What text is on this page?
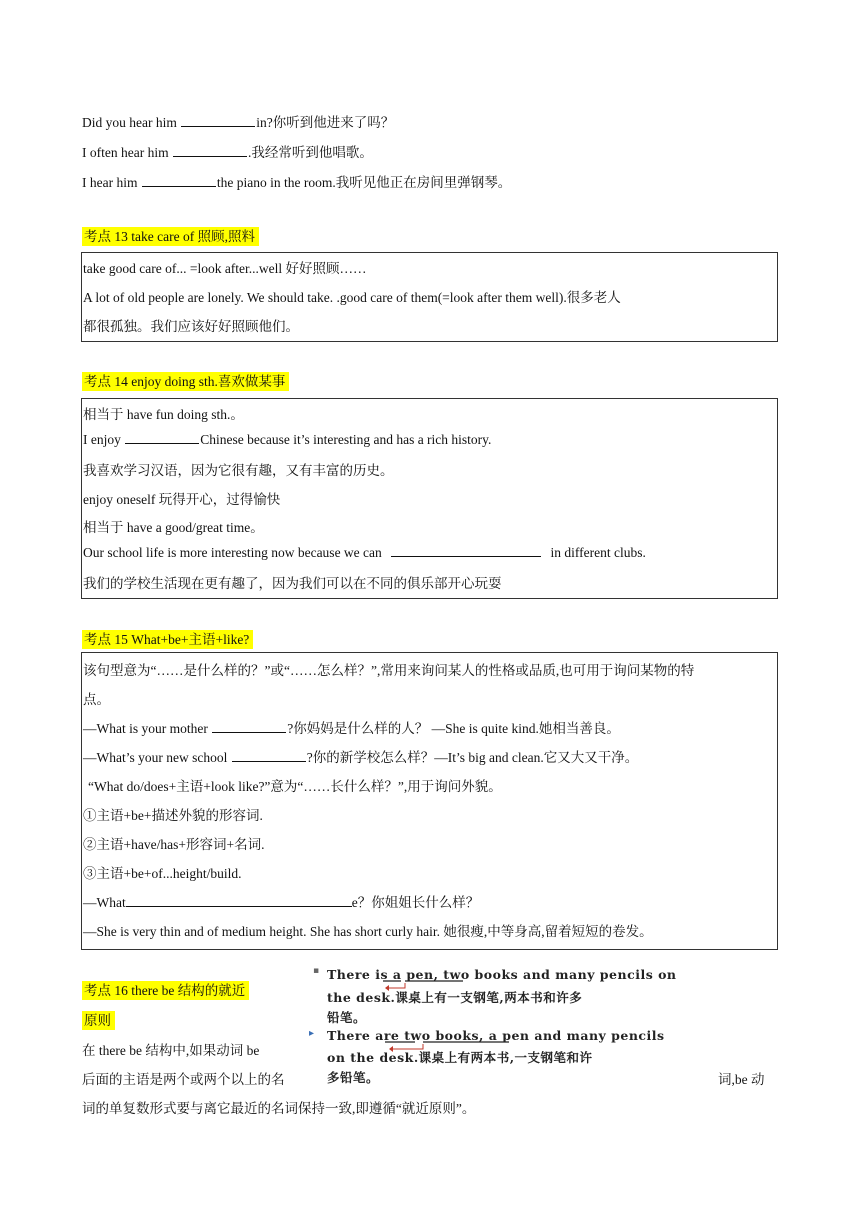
Did you hear him	in?你听到他进来了吗？
I often hear him	.我经常听到他唱歌。
I hear him	the piano in the room.我听见他正在房间里弹钢琴。
考点 13 take care of 照顾,照料
take good care of... =look after...well 好好照顾……
A lot of old people are lonely. We should take. .good care of them(=look after them well).很多老人
都很孤独。我们应该好好照顾他们。
考点 14 enjoy doing sth.喜欢做某事
相当于 have fun doing sth.。
I enjoy	Chinese because it’s interesting and has a rich history.
我喜欢学习汉语，因为它很有趣，又有丰富的历史。
enjoy oneself 玩得开心，过得愉快
相当于 have a good/great time。
Our school life is more interesting now because we can	in different clubs.
我们的学校生活现在更有趣了，因为我们可以在不同的俱乐部开心玩耍
考点 15 What+be+主语+like?
该句型意为“……是什么样的？”或“……怎么样？”,常用来询问某人的性格或品质,也可用于询问某物的特
点。
—What is your mother	?你妈妈是什么样的人？ —She is quite kind.她相当善良。
—What’s your new school	?你的新学校怎么样？—It’s big and clean.它又大又干净。
“What do/does+主语+look like?”意为“……长什么样？”,用于询问外貌。
①主语+be+描述外貌的形容词.
②主语+have/has+形容词+名词.
③主语+be+of...height/build.
—What	e？你姐姐长什么样？
—She is very thin and of medium height. She has short curly hair. 她很瘦,中等身高,留着短短的卷发。
考点 16 there be 结构的就近
原则
在 there be 结构中,如果动词 be
后面的主语是两个或两个以上的名	词,be 动
词的单复数形式要与离它最近的名词保持一致,即遵循“就近原则”。
▪ There is a pen, two books and many pencils on
the desk.课桌上有一支钢笔,两本书和许多
铅笔。
▸ There are two books, a pen and many pencils
on the desk.课桌上有两本书,一支钢笔和许
多铅笔。
